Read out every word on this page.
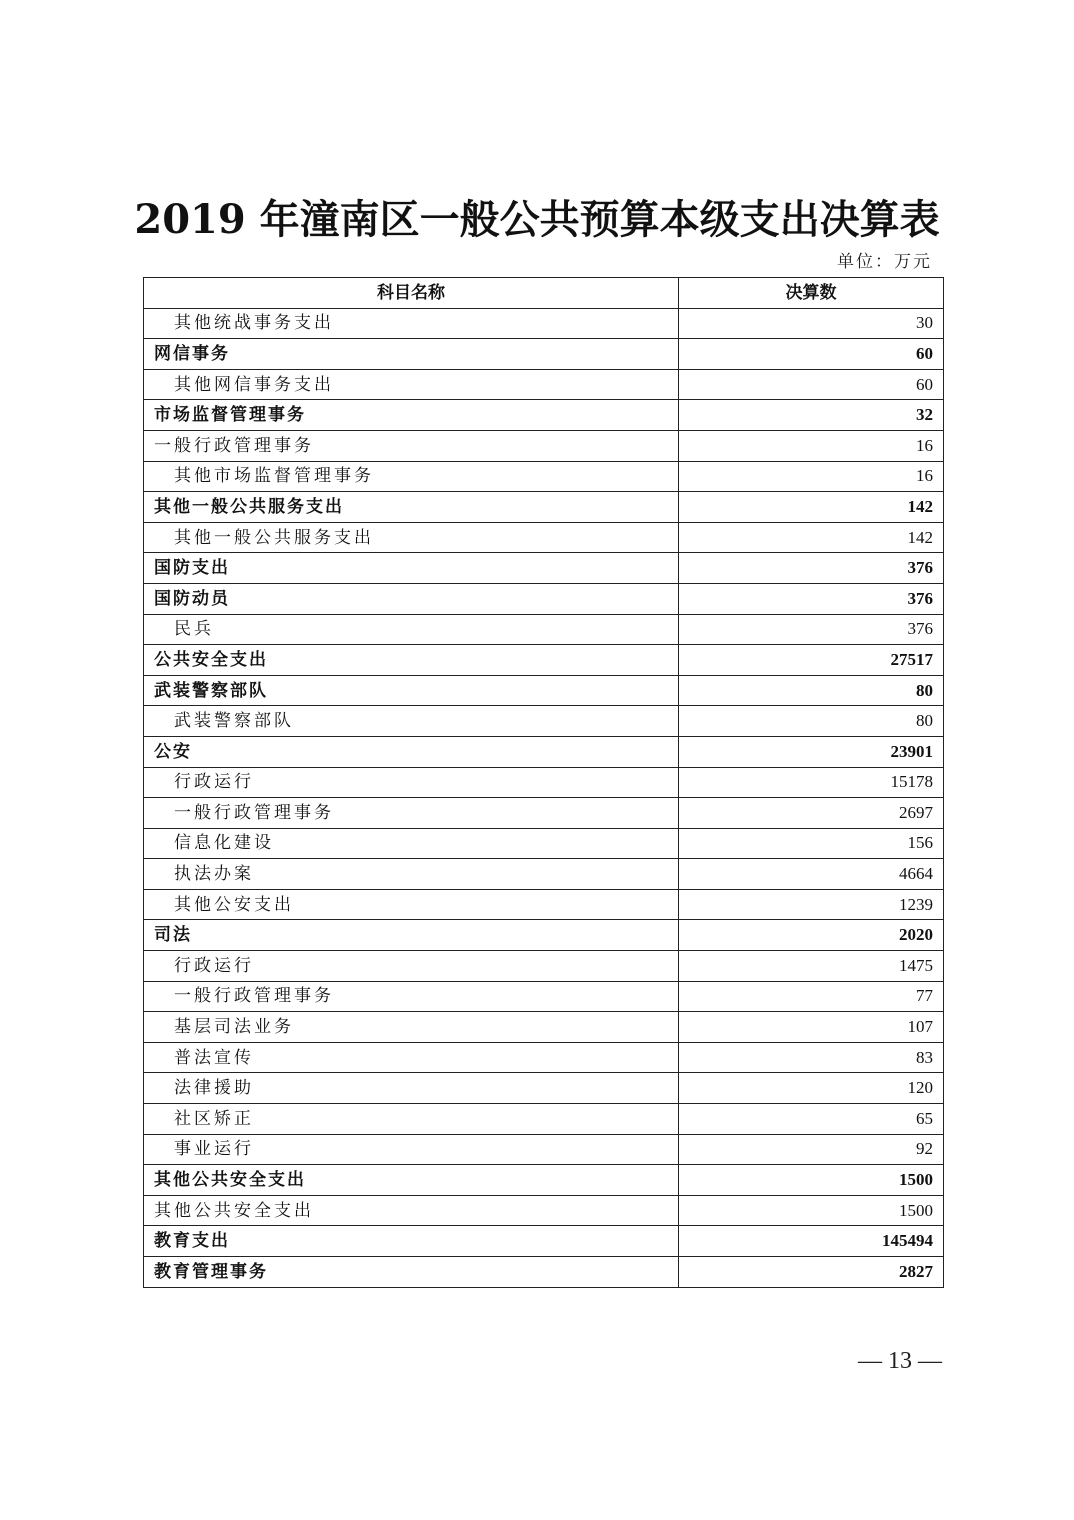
2019 年潼南区一般公共预算本级支出决算表
单位：万元
科目名称	决算数
其他统战事务支出	30
网信事务	60
其他网信事务支出	60
市场监督管理事务	32
一般行政管理事务	16
其他市场监督管理事务	16
其他一般公共服务支出	142
其他一般公共服务支出	142
国防支出	376
国防动员	376
民兵	376
公共安全支出	27517
武装警察部队	80
武装警察部队	80
公安	23901
行政运行	15178
一般行政管理事务	2697
信息化建设	156
执法办案	4664
其他公安支出	1239
司法	2020
行政运行	1475
一般行政管理事务	77
基层司法业务	107
普法宣传	83
法律援助	120
社区矫正	65
事业运行	92
其他公共安全支出	1500
其他公共安全支出	1500
教育支出	145494
教育管理事务	2827
— 13 —
